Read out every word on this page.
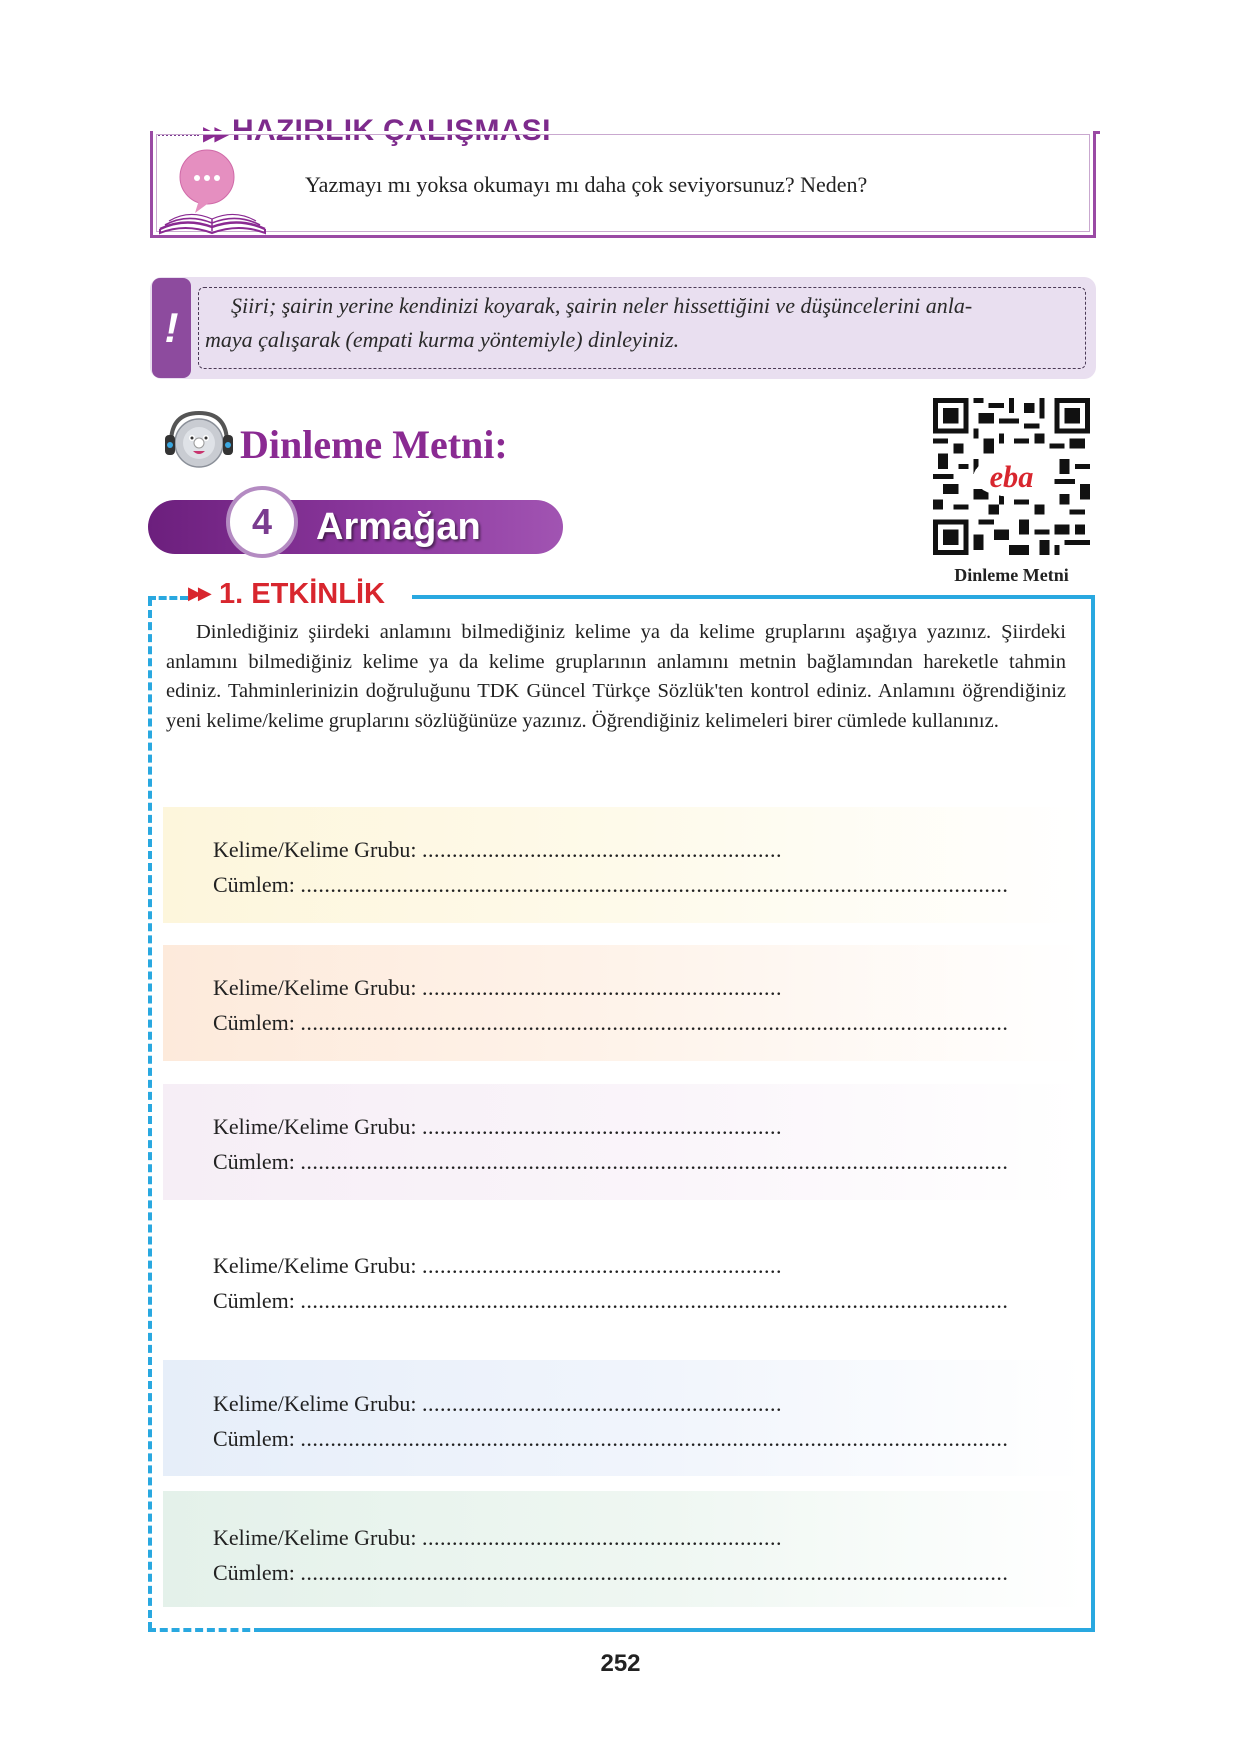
▶▶ HAZIRLIK ÇALIŞMASI
Yazmayı mı yoksa okumayı mı daha çok seviyorsunuz? Neden?
!	Şiiri; şairin yerine kendinizi koyarak, şairin neler hissettiğini ve düşüncelerini anla-
maya çalışarak (empati kurma yöntemiyle) dinleyiniz.
Dinleme Metni:
eba
Dinleme Metni
4	Armağan
▶▶ 1. ETKİNLİK

Dinlediğiniz şiirdeki anlamını bilmediğiniz kelime ya da kelime gruplarını aşağıya yazınız. Şiirdeki anlamını bilmediğiniz kelime ya da kelime gruplarının anlamını metnin bağlamından hareketle tahmin ediniz. Tahminlerinizin doğruluğunu TDK Güncel Türkçe Sözlük'ten kontrol ediniz. Anlamını öğrendiğiniz yeni kelime/kelime gruplarını sözlüğünüze yazınız. Öğrendiğiniz kelimeleri birer cümlede kullanınız.

Kelime/Kelime Grubu: ............................................................
Cümlem: ......................................................................................................................
Kelime/Kelime Grubu: ............................................................
Cümlem: ......................................................................................................................
Kelime/Kelime Grubu: ............................................................
Cümlem: ......................................................................................................................
Kelime/Kelime Grubu: ............................................................
Cümlem: ......................................................................................................................
Kelime/Kelime Grubu: ............................................................
Cümlem: ......................................................................................................................
Kelime/Kelime Grubu: ............................................................
Cümlem: ......................................................................................................................
252
